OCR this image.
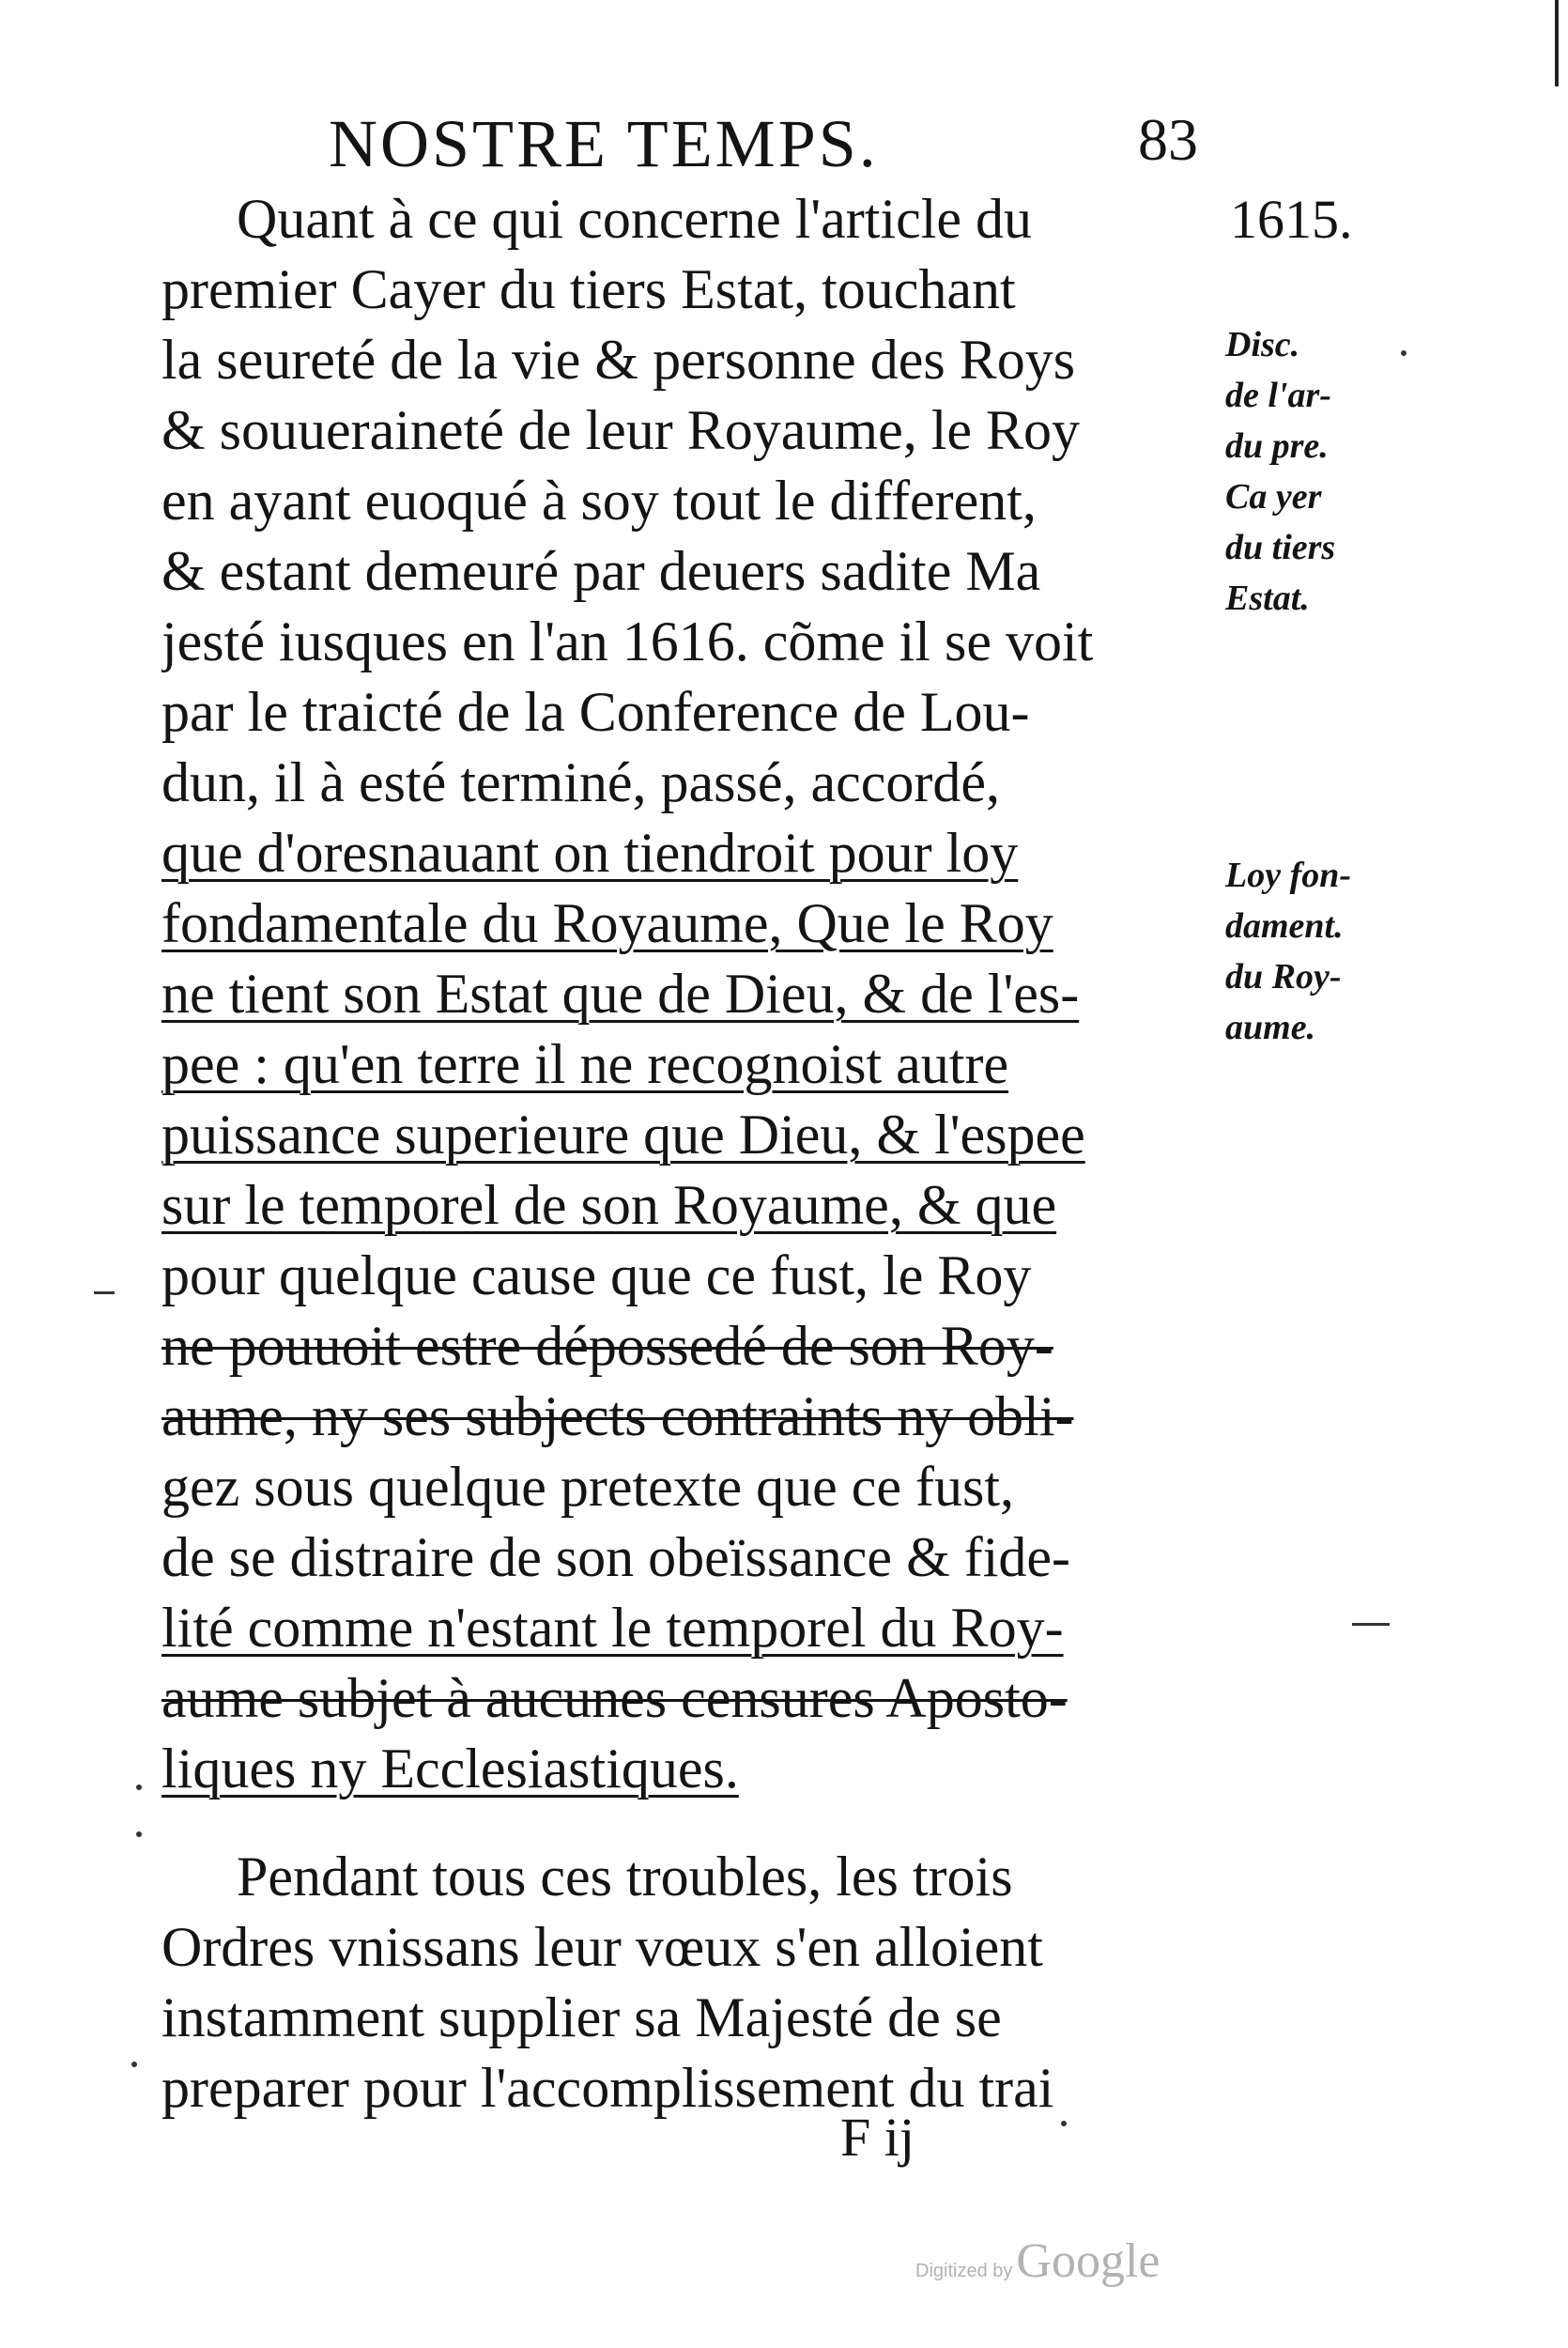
NOSTRE TEMPS.	83
1615.
Disc.
de l'ar-
du pre.
Ca yer
du tiers
Estat.
Loy fon-
dament.
du Roy-
aume.
Quant à ce qui concerne l'article du
premier Cayer du tiers Estat, touchant
la seureté de la vie & personne des Roys
& souueraineté de leur Royaume, le Roy
en ayant euoqué à soy tout le different,
& estant demeuré par deuers sadite Ma
jesté iusques en l'an 1616. cõme il se voit
par le traicté de la Conference de Lou-
dun, il à esté terminé, passé, accordé,
que d'oresnauant on tiendroit pour loy
fondamentale du Royaume, Que le Roy
ne tient son Estat que de Dieu, & de l'es-
pee : qu'en terre il ne recognoist autre
puissance superieure que Dieu, & l'espee
sur le temporel de son Royaume, & que
pour quelque cause que ce fust, le Roy
ne pouuoit estre dépossedé de son Roy-
aume, ny ses subjects contraints ny obli-
gez sous quelque pretexte que ce fust,
de se distraire de son obeïssance & fide-
lité comme n'estant le temporel du Roy-
aume subjet à aucunes censures Aposto-
liques ny Ecclesiastiques.
Pendant tous ces troubles, les trois
Ordres vnissans leur vœux s'en alloient
instamment supplier sa Majesté de se
preparer pour l'accomplissement du trai
F ij
Digitized by Google
